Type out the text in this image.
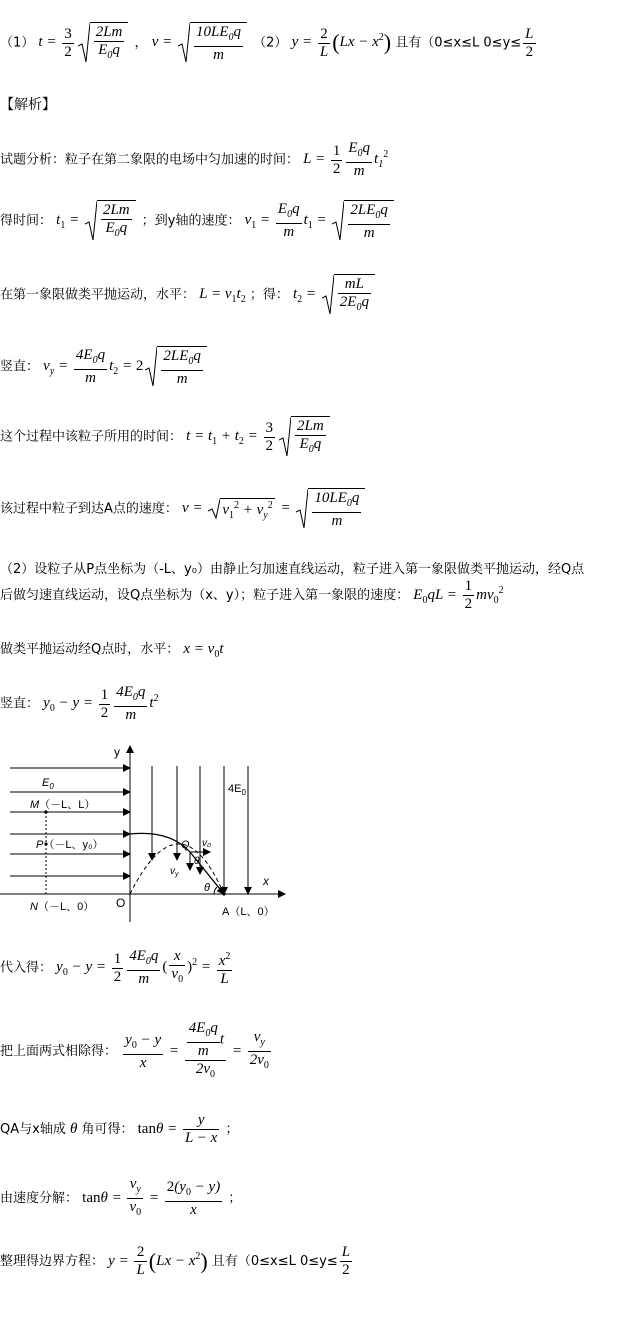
（1） $t = \frac{3}{2} \frac{2Lm}{E_0q}$ ， $v = \frac{10LE_0q}{m} (2) y = \frac{2}{L} (Lx - x^2)$ 且有（0≤x≤L $0\le y\le \frac{L}{2}$
【解析】
试题分析：粒子在第二象限的电场中匀加速的时间： $L = \frac{1}{2} \frac{E_0q}{m} t_1^2$
得时间： $t_1 = \frac{2Lm}{E_0q}$ ；到y轴的速度： $v_1 = \frac{E_0q}{m} t_1 = \frac{2LE_0q}{m}$
在第一象限做类平抛运动，水平： $L = v_1t_2$ ；得： $t_2 = \frac{mL}{2E_0q}$
竖直： $v_y = \frac{4E_0q}{m} t_2 = 2 \frac{2LE_0q}{m}$
这个过程中该粒子所用的时间： $t = t_1 + t_2 = \frac{3}{2} \frac{2Lm}{E_0q}$
该过程中粒子到达A点的速度： v =
$v_1^2 + v_y^2 = \frac{10LE_0q}{m}$
（2）设粒子从P点坐标为（-L、y₀）由静止匀加速直线运动，粒子进入第一象限做类平抛运动，经Q点
后做匀速直线运动，设Q点坐标为（x、y）；粒子进入第一象限的速度： $E_0qL = \frac{1}{2} mv_0^2$
做类平抛运动经Q点时，水平： $x = v_0t$
竖直： $y_0 - y = \frac{1}{2} \frac{4E_0q}{m} t^2$
y
x
O
$E_0$	$4E_0$
M（－L、L）
P（－L、y₀）
N（－L、0）
Q v₀
$v_y$
θ
θ
A（L、0）
代入得： $y_0 - y = \frac{1}{2} \frac{4E_0q}{m}$ ( $\frac{x}{v_0} )^2 = \frac{x^2}{L}$
把上面两式相除得： $\frac{y_0 - y}{x} = \frac{4E_0q}{m}$ t
$2v_0$
= $\frac{v_y}{2v_0}$
QA与x轴成 θ 角可得： $\tan\theta = \frac{y}{L - x}$ ；
由速度分解： $\tan\theta = \frac{v_y}{v_0} = \frac{2(y_0 - y)}{x}$ ；
整理得边界方程： $y = \frac{2}{L} (Lx - x^2)$ 且有（0≤x≤L $0\le y\le \frac{L}{2}$
